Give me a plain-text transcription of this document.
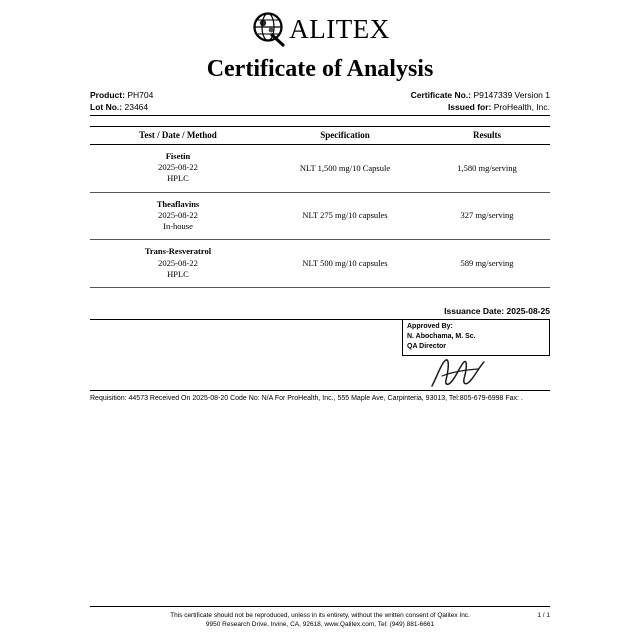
ALITEX
Certificate of Analysis
Product: PH704	Certificate No.: P9147339 Version 1
Lot No.: 23464	Issued for: ProHealth, Inc.
Test / Date / Method	Specification	Results

Fisetin
2025-08-22
HPLC	NLT 1,500 mg/10 Capsule	1,580 mg/serving

Theaflavins
2025-08-22
In-house	NLT 275 mg/10 capsules	327 mg/serving

Trans-Resveratrol
2025-08-22
HPLC	NLT 500 mg/10 capsules	589 mg/serving
Issuance Date: 2025-08-25
Approved By:
N. Abochama, M. Sc.
QA Director
Requisition: 44573 Received On 2025-08-20 Code No: N/A For ProHealth, Inc., 555 Maple Ave, Carpinteria, 93013, Tel:805-679-6998 Fax: .
This certificate should not be reproduced, unless in its entirety, without the written consent of Qalitex Inc.
9950 Research Drive, Irvine, CA, 92618, www.Qalitex.com, Tel: (949) 881-6661
1 / 1
